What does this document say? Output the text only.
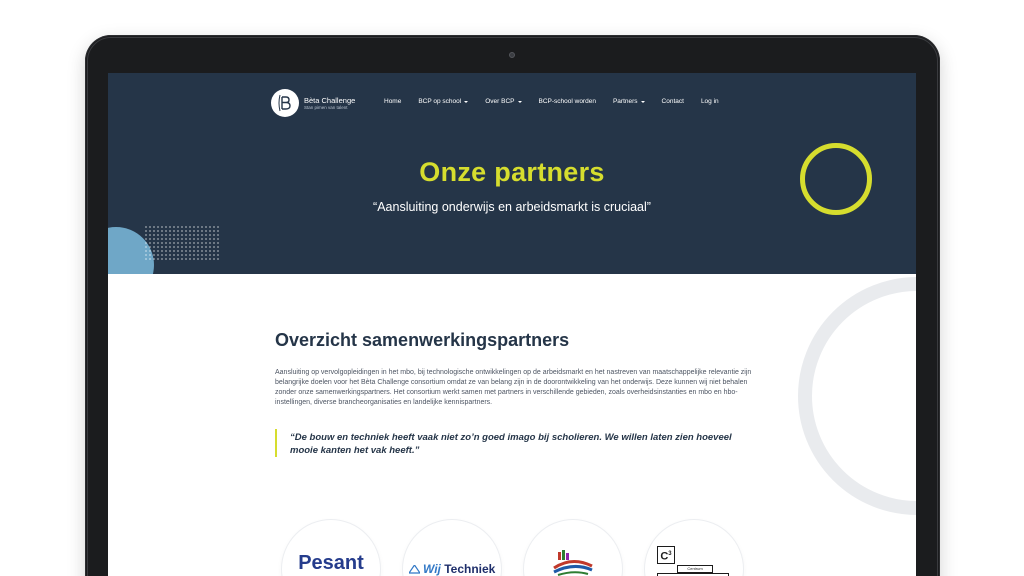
Bèta Challenge
Stan pimen van talent
Home	BCP op school	Over BCP	BCP-school worden	Partners	Contact	Log in
Onze partners
“Aansluiting onderwijs en arbeidsmarkt is cruciaal”
Overzicht samenwerkingspartners

Aansluiting op vervolgopleidingen in het mbo, bij technologische ontwikkelingen op de arbeidsmarkt en het nastreven van maatschappelijke relevantie zijn belangrijke doelen voor het Bèta Challenge consortium omdat ze van belang zijn in de doorontwikkeling van het onderwijs. Deze kunnen wij niet behalen zonder onze samenwerkingspartners. Het consortium werkt samen met partners in verschillende gebieden, zoals overheidsinstanties en mbo en hbo- instellingen, diverse brancheorganisaties en landelijke kennispartners.

“De bouw en techniek heeft vaak niet zo’n goed imago bij scholieren. We willen laten zien hoeveel mooie kanten het vak heeft.”
Pesant	Wij Techniek
$C^3$
Centrum
